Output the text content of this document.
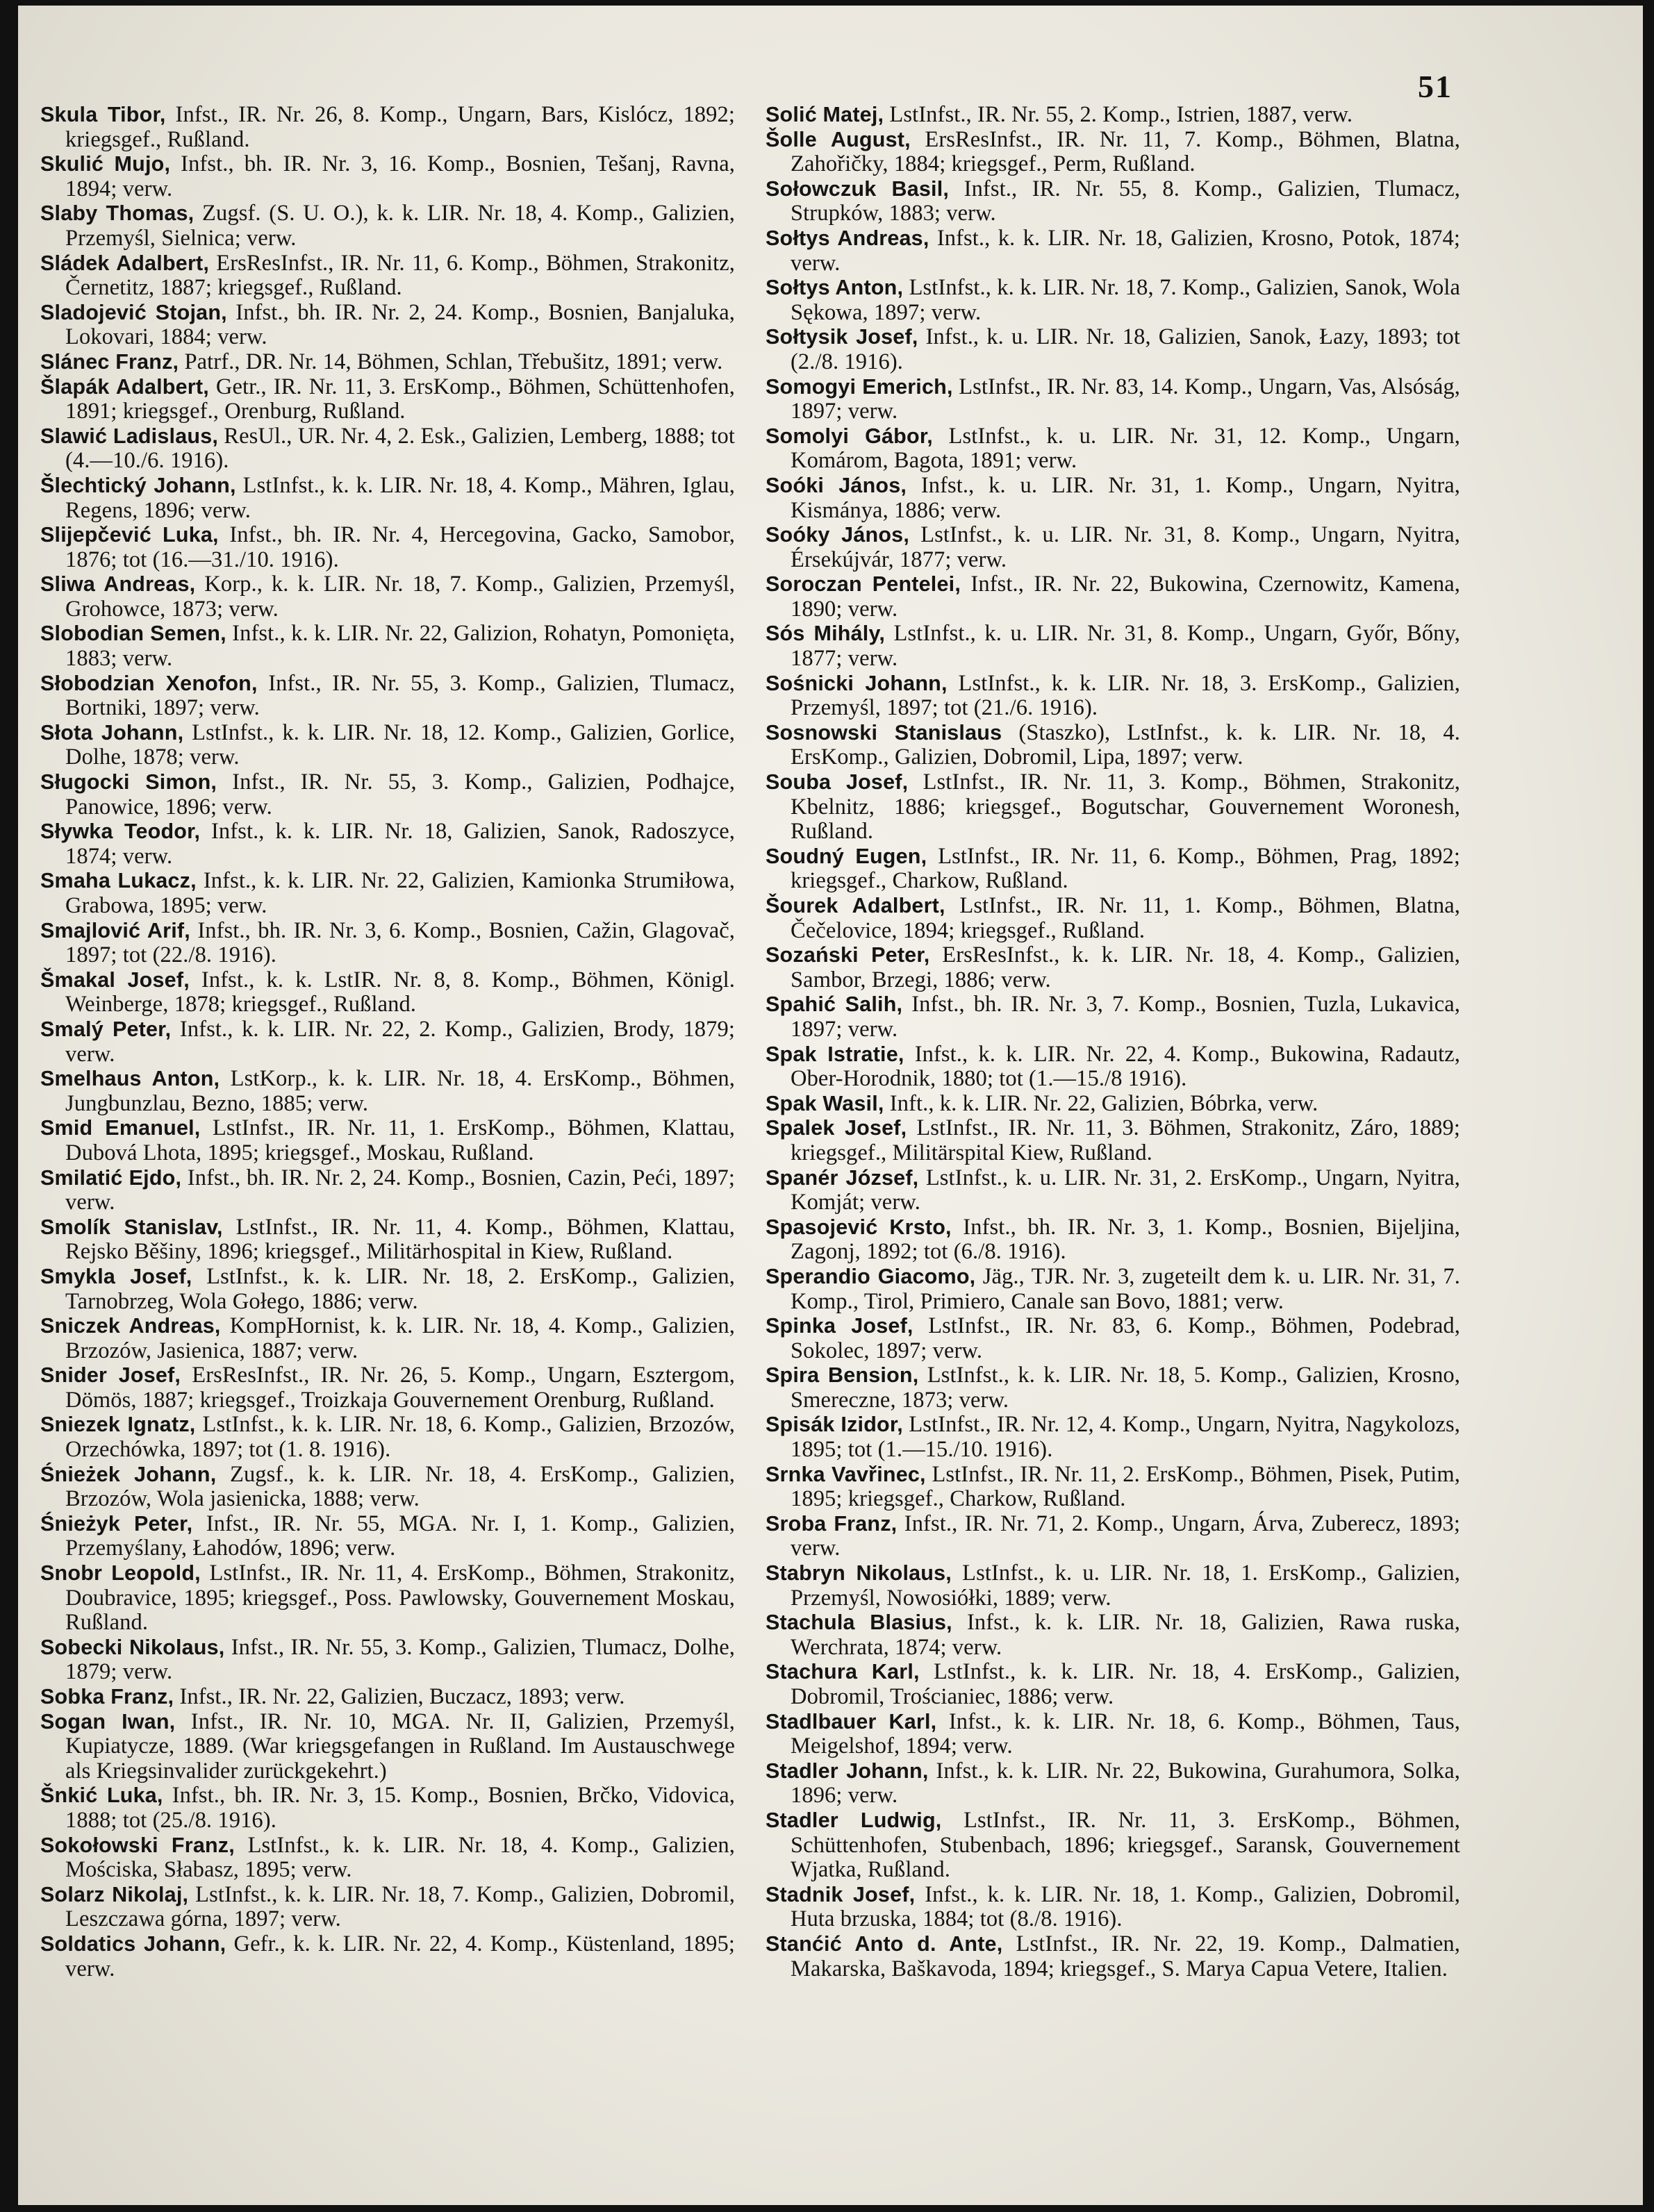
51

Skula Tibor, Infst., IR. Nr. 26, 8. Komp., Ungarn, Bars, Kislócz, 1892; kriegsgef., Rußland.

Skulić Mujo, Infst., bh. IR. Nr. 3, 16. Komp., Bosnien, Tešanj, Ravna, 1894; verw.

Slaby Thomas, Zugsf. (S. U. O.), k. k. LIR. Nr. 18, 4. Komp., Galizien, Przemyśl, Sielnica; verw.

Sládek Adalbert, ErsResInfst., IR. Nr. 11, 6. Komp., Böhmen, Strakonitz, Černetitz, 1887; kriegsgef., Rußland.

Sladojević Stojan, Infst., bh. IR. Nr. 2, 24. Komp., Bosnien, Banjaluka, Lokovari, 1884; verw.

Slánec Franz, Patrf., DR. Nr. 14, Böhmen, Schlan, Třebušitz, 1891; verw.

Šlapák Adalbert, Getr., IR. Nr. 11, 3. ErsKomp., Böhmen, Schüttenhofen, 1891; kriegsgef., Orenburg, Rußland.

Slawić Ladislaus, ResUl., UR. Nr. 4, 2. Esk., Galizien, Lemberg, 1888; tot (4.—10./6. 1916).

Šlechtický Johann, LstInfst., k. k. LIR. Nr. 18, 4. Komp., Mähren, Iglau, Regens, 1896; verw.

Slijepčević Luka, Infst., bh. IR. Nr. 4, Hercegovina, Gacko, Samobor, 1876; tot (16.—31./10. 1916).

Sliwa Andreas, Korp., k. k. LIR. Nr. 18, 7. Komp., Galizien, Przemyśl, Grohowce, 1873; verw.

Slobodian Semen, Infst., k. k. LIR. Nr. 22, Galizion, Rohatyn, Pomonięta, 1883; verw.

Słobodzian Xenofon, Infst., IR. Nr. 55, 3. Komp., Galizien, Tlumacz, Bortniki, 1897; verw.

Słota Johann, LstInfst., k. k. LIR. Nr. 18, 12. Komp., Galizien, Gorlice, Dolhe, 1878; verw.

Sługocki Simon, Infst., IR. Nr. 55, 3. Komp., Galizien, Podhajce, Panowice, 1896; verw.

Sływka Teodor, Infst., k. k. LIR. Nr. 18, Galizien, Sanok, Radoszyce, 1874; verw.

Smaha Lukacz, Infst., k. k. LIR. Nr. 22, Galizien, Kamionka Strumiłowa, Grabowa, 1895; verw.

Smajlović Arif, Infst., bh. IR. Nr. 3, 6. Komp., Bosnien, Cažin, Glagovač, 1897; tot (22./8. 1916).

Šmakal Josef, Infst., k. k. LstIR. Nr. 8, 8. Komp., Böhmen, Königl. Weinberge, 1878; kriegsgef., Rußland.

Smalý Peter, Infst., k. k. LIR. Nr. 22, 2. Komp., Galizien, Brody, 1879; verw.

Smelhaus Anton, LstKorp., k. k. LIR. Nr. 18, 4. ErsKomp., Böhmen, Jungbunzlau, Bezno, 1885; verw.

Smid Emanuel, LstInfst., IR. Nr. 11, 1. ErsKomp., Böhmen, Klattau, Dubová Lhota, 1895; kriegsgef., Moskau, Rußland.

Smilatić Ejdo, Infst., bh. IR. Nr. 2, 24. Komp., Bosnien, Cazin, Peći, 1897; verw.

Smolík Stanislav, LstInfst., IR. Nr. 11, 4. Komp., Böhmen, Klattau, Rejsko Běšiny, 1896; kriegsgef., Militärhospital in Kiew, Rußland.

Smykla Josef, LstInfst., k. k. LIR. Nr. 18, 2. ErsKomp., Galizien, Tarnobrzeg, Wola Gołego, 1886; verw.

Sniczek Andreas, KompHornist, k. k. LIR. Nr. 18, 4. Komp., Galizien, Brzozów, Jasienica, 1887; verw.

Snider Josef, ErsResInfst., IR. Nr. 26, 5. Komp., Ungarn, Esztergom, Dömös, 1887; kriegsgef., Troizkaja Gouvernement Orenburg, Rußland.

Sniezek Ignatz, LstInfst., k. k. LIR. Nr. 18, 6. Komp., Galizien, Brzozów, Orzechówka, 1897; tot (1. 8. 1916).

Śnieżek Johann, Zugsf., k. k. LIR. Nr. 18, 4. ErsKomp., Galizien, Brzozów, Wola jasienicka, 1888; verw.

Śnieżyk Peter, Infst., IR. Nr. 55, MGA. Nr. I, 1. Komp., Galizien, Przemyślany, Łahodów, 1896; verw.

Snobr Leopold, LstInfst., IR. Nr. 11, 4. ErsKomp., Böhmen, Strakonitz, Doubravice, 1895; kriegsgef., Poss. Pawlowsky, Gouvernement Moskau, Rußland.

Sobecki Nikolaus, Infst., IR. Nr. 55, 3. Komp., Galizien, Tlumacz, Dolhe, 1879; verw.

Sobka Franz, Infst., IR. Nr. 22, Galizien, Buczacz, 1893; verw.

Sogan Iwan, Infst., IR. Nr. 10, MGA. Nr. II, Galizien, Przemyśl, Kupiatycze, 1889. (War kriegsgefangen in Rußland. Im Austauschwege als Kriegsinvalider zurückgekehrt.)

Šnkić Luka, Infst., bh. IR. Nr. 3, 15. Komp., Bosnien, Brčko, Vidovica, 1888; tot (25./8. 1916).

Sokołowski Franz, LstInfst., k. k. LIR. Nr. 18, 4. Komp., Galizien, Mościska, Słabasz, 1895; verw.

Solarz Nikolaj, LstInfst., k. k. LIR. Nr. 18, 7. Komp., Galizien, Dobromil, Leszczawa górna, 1897; verw.

Soldatics Johann, Gefr., k. k. LIR. Nr. 22, 4. Komp., Küstenland, 1895; verw.

Solić Matej, LstInfst., IR. Nr. 55, 2. Komp., Istrien, 1887, verw.

Šolle August, ErsResInfst., IR. Nr. 11, 7. Komp., Böhmen, Blatna, Zahořičky, 1884; kriegsgef., Perm, Rußland.

Sołowczuk Basil, Infst., IR. Nr. 55, 8. Komp., Galizien, Tlumacz, Strupków, 1883; verw.

Sołtys Andreas, Infst., k. k. LIR. Nr. 18, Galizien, Krosno, Potok, 1874; verw.

Sołtys Anton, LstInfst., k. k. LIR. Nr. 18, 7. Komp., Galizien, Sanok, Wola Sękowa, 1897; verw.

Sołtysik Josef, Infst., k. u. LIR. Nr. 18, Galizien, Sanok, Łazy, 1893; tot (2./8. 1916).

Somogyi Emerich, LstInfst., IR. Nr. 83, 14. Komp., Ungarn, Vas, Alsóság, 1897; verw.

Somolyi Gábor, LstInfst., k. u. LIR. Nr. 31, 12. Komp., Ungarn, Komárom, Bagota, 1891; verw.

Soóki János, Infst., k. u. LIR. Nr. 31, 1. Komp., Ungarn, Nyitra, Kismánya, 1886; verw.

Soóky János, LstInfst., k. u. LIR. Nr. 31, 8. Komp., Ungarn, Nyitra, Érsekújvár, 1877; verw.

Soroczan Pentelei, Infst., IR. Nr. 22, Bukowina, Czernowitz, Kamena, 1890; verw.

Sós Mihály, LstInfst., k. u. LIR. Nr. 31, 8. Komp., Ungarn, Győr, Bőny, 1877; verw.

Sośnicki Johann, LstInfst., k. k. LIR. Nr. 18, 3. ErsKomp., Galizien, Przemyśl, 1897; tot (21./6. 1916).

Sosnowski Stanislaus (Staszko), LstInfst., k. k. LIR. Nr. 18, 4. ErsKomp., Galizien, Dobromil, Lipa, 1897; verw.

Souba Josef, LstInfst., IR. Nr. 11, 3. Komp., Böhmen, Strakonitz, Kbelnitz, 1886; kriegsgef., Bogutschar, Gouvernement Woronesh, Rußland.

Soudný Eugen, LstInfst., IR. Nr. 11, 6. Komp., Böhmen, Prag, 1892; kriegsgef., Charkow, Rußland.

Šourek Adalbert, LstInfst., IR. Nr. 11, 1. Komp., Böhmen, Blatna, Čečelovice, 1894; kriegsgef., Rußland.

Sozański Peter, ErsResInfst., k. k. LIR. Nr. 18, 4. Komp., Galizien, Sambor, Brzegi, 1886; verw.

Spahić Salih, Infst., bh. IR. Nr. 3, 7. Komp., Bosnien, Tuzla, Lukavica, 1897; verw.

Spak Istratie, Infst., k. k. LIR. Nr. 22, 4. Komp., Bukowina, Radautz, Ober-Horodnik, 1880; tot (1.—15./8 1916).

Spak Wasil, Inft., k. k. LIR. Nr. 22, Galizien, Bóbrka, verw.

Spalek Josef, LstInfst., IR. Nr. 11, 3. Böhmen, Strakonitz, Záro, 1889; kriegsgef., Militärspital Kiew, Rußland.

Spanér József, LstInfst., k. u. LIR. Nr. 31, 2. ErsKomp., Ungarn, Nyitra, Komját; verw.

Spasojević Krsto, Infst., bh. IR. Nr. 3, 1. Komp., Bosnien, Bijeljina, Zagonj, 1892; tot (6./8. 1916).

Sperandio Giacomo, Jäg., TJR. Nr. 3, zugeteilt dem k. u. LIR. Nr. 31, 7. Komp., Tirol, Primiero, Canale san Bovo, 1881; verw.

Spinka Josef, LstInfst., IR. Nr. 83, 6. Komp., Böhmen, Podebrad, Sokolec, 1897; verw.

Spira Bension, LstInfst., k. k. LIR. Nr. 18, 5. Komp., Galizien, Krosno, Smereczne, 1873; verw.

Spisák Izidor, LstInfst., IR. Nr. 12, 4. Komp., Ungarn, Nyitra, Nagykolozs, 1895; tot (1.—15./10. 1916).

Srnka Vavřinec, LstInfst., IR. Nr. 11, 2. ErsKomp., Böhmen, Pisek, Putim, 1895; kriegsgef., Charkow, Rußland.

Sroba Franz, Infst., IR. Nr. 71, 2. Komp., Ungarn, Árva, Zuberecz, 1893; verw.

Stabryn Nikolaus, LstInfst., k. u. LIR. Nr. 18, 1. ErsKomp., Galizien, Przemyśl, Nowosiółki, 1889; verw.

Stachula Blasius, Infst., k. k. LIR. Nr. 18, Galizien, Rawa ruska, Werchrata, 1874; verw.

Stachura Karl, LstInfst., k. k. LIR. Nr. 18, 4. ErsKomp., Galizien, Dobromil, Trościaniec, 1886; verw.

Stadlbauer Karl, Infst., k. k. LIR. Nr. 18, 6. Komp., Böhmen, Taus, Meigelshof, 1894; verw.

Stadler Johann, Infst., k. k. LIR. Nr. 22, Bukowina, Gurahumora, Solka, 1896; verw.

Stadler Ludwig, LstInfst., IR. Nr. 11, 3. ErsKomp., Böhmen, Schüttenhofen, Stubenbach, 1896; kriegsgef., Saransk, Gouvernement Wjatka, Rußland.

Stadnik Josef, Infst., k. k. LIR. Nr. 18, 1. Komp., Galizien, Dobromil, Huta brzuska, 1884; tot (8./8. 1916).

Stanćić Anto d. Ante, LstInfst., IR. Nr. 22, 19. Komp., Dalmatien, Makarska, Baškavoda, 1894; kriegsgef., S. Marya Capua Vetere, Italien.
